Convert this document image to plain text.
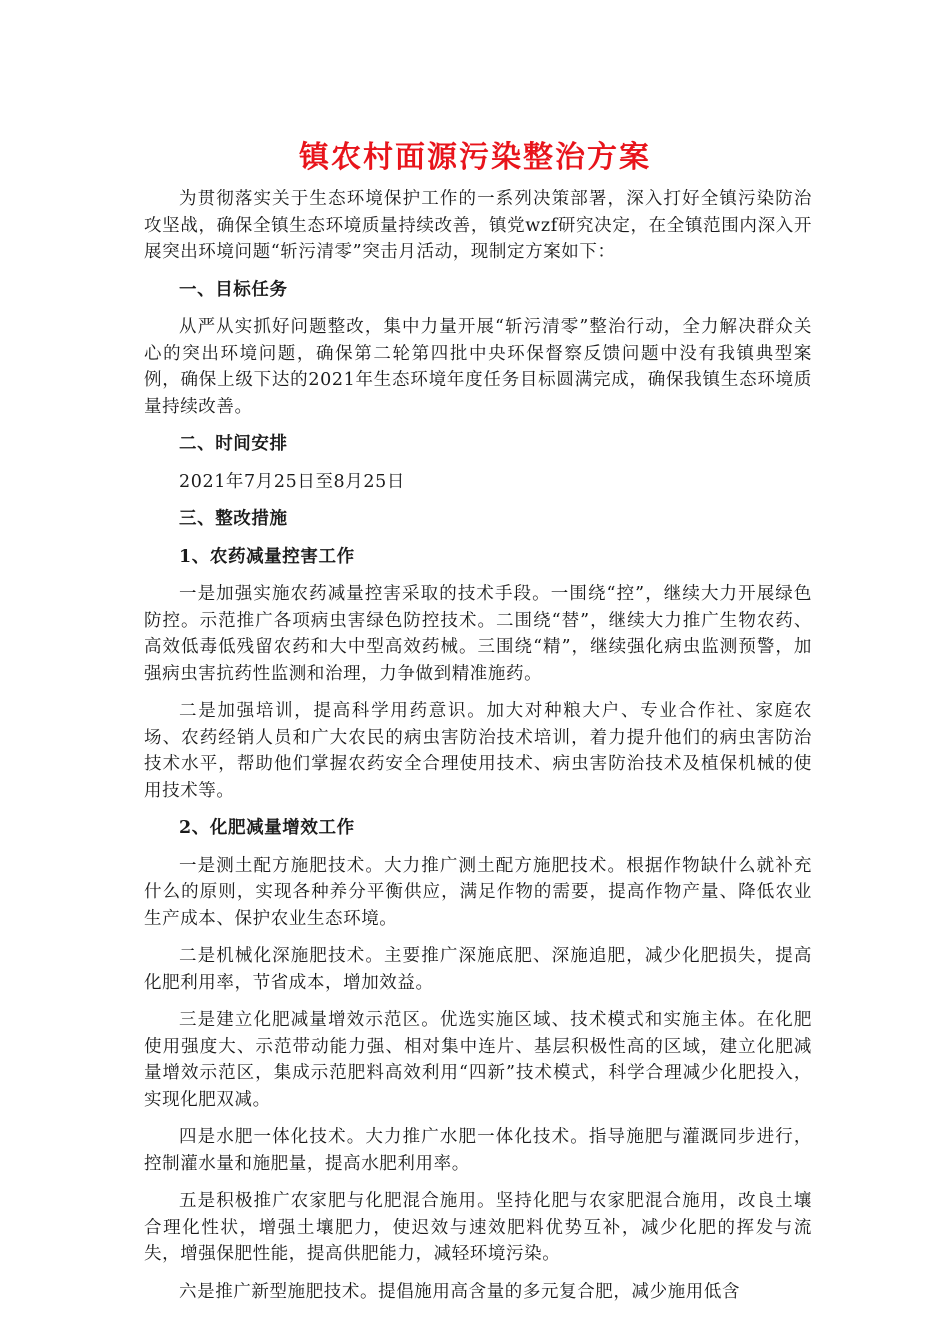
镇农村面源污染整治方案

为贯彻落实关于生态环境保护工作的一系列决策部署，深入打好全镇污染防治攻坚战，确保全镇生态环境质量持续改善，镇党wzf研究决定，在全镇范围内深入开展突出环境问题“斩污清零”突击月活动，现制定方案如下：

一、目标任务

从严从实抓好问题整改，集中力量开展“斩污清零”整治行动，全力解决群众关心的突出环境问题，确保第二轮第四批中央环保督察反馈问题中没有我镇典型案例，确保上级下达的2021年生态环境年度任务目标圆满完成，确保我镇生态环境质量持续改善。

二、时间安排

2021年7月25日至8月25日

三、整改措施

1、农药减量控害工作

一是加强实施农药减量控害采取的技术手段。一围绕“控”，继续大力开展绿色防控。示范推广各项病虫害绿色防控技术。二围绕“替”，继续大力推广生物农药、高效低毒低残留农药和大中型高效药械。三围绕“精”，继续强化病虫监测预警，加强病虫害抗药性监测和治理，力争做到精准施药。

二是加强培训，提高科学用药意识。加大对种粮大户、专业合作社、家庭农场、农药经销人员和广大农民的病虫害防治技术培训，着力提升他们的病虫害防治技术水平，帮助他们掌握农药安全合理使用技术、病虫害防治技术及植保机械的使用技术等。

2、化肥减量增效工作

一是测土配方施肥技术。大力推广测土配方施肥技术。根据作物缺什么就补充什么的原则，实现各种养分平衡供应，满足作物的需要，提高作物产量、降低农业生产成本、保护农业生态环境。

二是机械化深施肥技术。主要推广深施底肥、深施追肥，减少化肥损失，提高化肥利用率，节省成本，增加效益。

三是建立化肥减量增效示范区。优选实施区域、技术模式和实施主体。在化肥使用强度大、示范带动能力强、相对集中连片、基层积极性高的区域，建立化肥减量增效示范区，集成示范肥料高效利用“四新”技术模式，科学合理减少化肥投入，实现化肥双减。

四是水肥一体化技术。大力推广水肥一体化技术。指导施肥与灌溉同步进行，控制灌水量和施肥量，提高水肥利用率。

五是积极推广农家肥与化肥混合施用。坚持化肥与农家肥混合施用，改良土壤合理化性状，增强土壤肥力，使迟效与速效肥料优势互补，减少化肥的挥发与流失，增强保肥性能，提高供肥能力，减轻环境污染。

六是推广新型施肥技术。提倡施用高含量的多元复合肥，减少施用低含
